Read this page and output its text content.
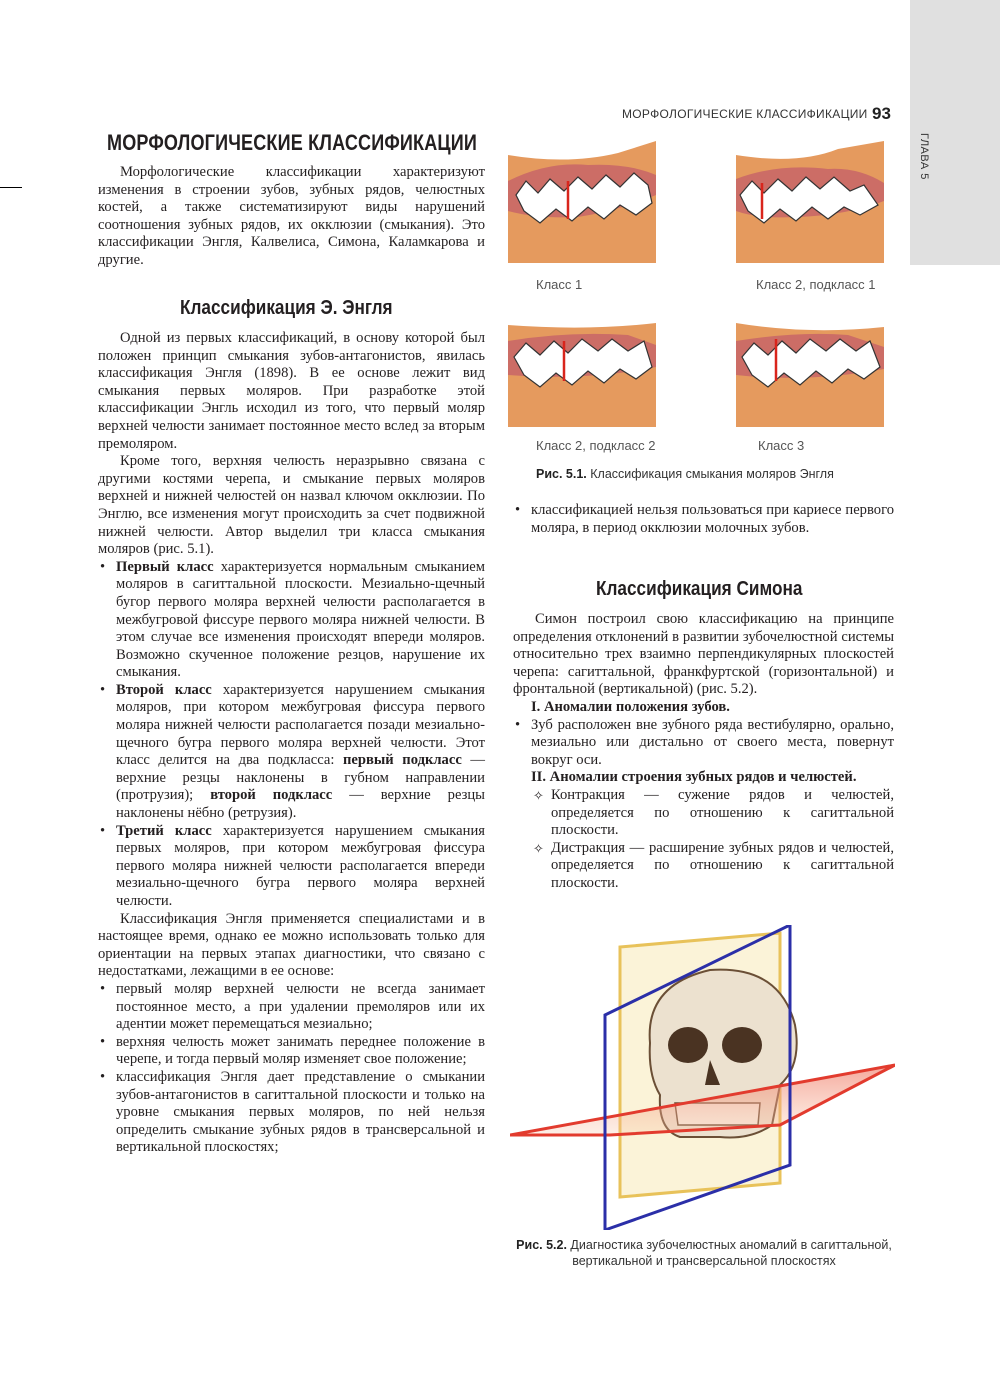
ГЛАВА 5
МОРФОЛОГИЧЕСКИЕ КЛАССИФИКАЦИИ 93
МОРФОЛОГИЧЕСКИЕ КЛАССИФИКАЦИИ

Морфологические классификации характеризуют изменения в строении зубов, зубных рядов, челюстных костей, а также систематизируют виды нарушений соотношения зубных рядов, их окклюзии (смыкания). Это классификации Энгля, Калвелиса, Симона, Каламкарова и другие.

Классификация Э. Энгля

Одной из первых классификаций, в основу которой был положен принцип смыкания зубов-антагонистов, явилась классификация Энгля (1898). В ее основе лежит вид смыкания первых моляров. При разработке этой классификации Энгль исходил из того, что первый моляр верхней челюсти занимает постоянное место вслед за вторым премоляром.

Кроме того, верхняя челюсть неразрывно связана с другими костями черепа, и смыкание первых моляров верхней и нижней челюстей он назвал ключом окклюзии. По Энглю, все изменения могут происходить за счет подвижной нижней челюсти. Автор выделил три класса смыкания моляров (рис. 5.1).

• Первый класс характеризуется нормальным смыканием моляров в сагиттальной плоскости. Мезиально-щечный бугор первого моляра верхней челюсти располагается в межбугровой фиссуре первого моляра нижней челюсти. В этом случае все изменения происходят впереди моляров. Возможно скученное положение резцов, нарушение их смыкания.
• Второй класс характеризуется нарушением смыкания моляров, при котором межбугровая фиссура первого моляра нижней челюсти располагается позади мезиально-щечного бугра первого моляра верхней челюсти. Этот класс делится на два подкласса: первый подкласс — верхние резцы наклонены в губном направлении (протрузия); второй подкласс — верхние резцы наклонены нёбно (ретрузия).
• Третий класс характеризуется нарушением смыкания первых моляров, при котором межбугровая фиссура первого моляра нижней челюсти располагается впереди мезиально-щечного бугра первого моляра верхней челюсти.

Классификация Энгля применяется специалистами и в настоящее время, однако ее можно использовать только для ориентации на первых этапах диагностики, что связано с недостатками, лежащими в ее основе:

• первый моляр верхней челюсти не всегда занимает постоянное место, а при удалении премоляров или их адентии может перемещаться мезиально;
• верхняя челюсть может занимать переднее положение в черепе, и тогда первый моляр изменяет свое положение;
• классификация Энгля дает представление о смыкании зубов-антагонистов в сагиттальной плоскости и только на уровне смыкания первых моляров, по ней нельзя определить смыкание зубных рядов в трансверсальной и вертикальной плоскостях;
Класс 1	Класс 2, подкласс 1
Класс 2, подкласс 2	Класс 3
Рис. 5.1. Классификация смыкания моляров Энгля
• классификацией нельзя пользоваться при кариесе первого моляра, в период окклюзии молочных зубов.
Классификация Симона

Симон построил свою классификацию на принципе определения отклонений в развитии зубочелюстной системы относительно трех взаимно перпендикулярных плоскостей черепа: сагиттальной, франкфуртской (горизонтальной) и фронтальной (вертикальной) (рис. 5.2).

I. Аномалии положения зубов.
• Зуб расположен вне зубного ряда вестибулярно, орально, мезиально или дистально от своего места, повернут вокруг оси.
II. Аномалии строения зубных рядов и челюстей.
✧ Контракция — сужение рядов и челюстей, определяется по отношению к сагиттальной плоскости.
✧ Дистракция — расширение зубных рядов и челюстей, определяется по отношению к сагиттальной плоскости.
Рис. 5.2. Диагностика зубочелюстных аномалий в сагиттальной, вертикальной и трансверсальной плоскостях
